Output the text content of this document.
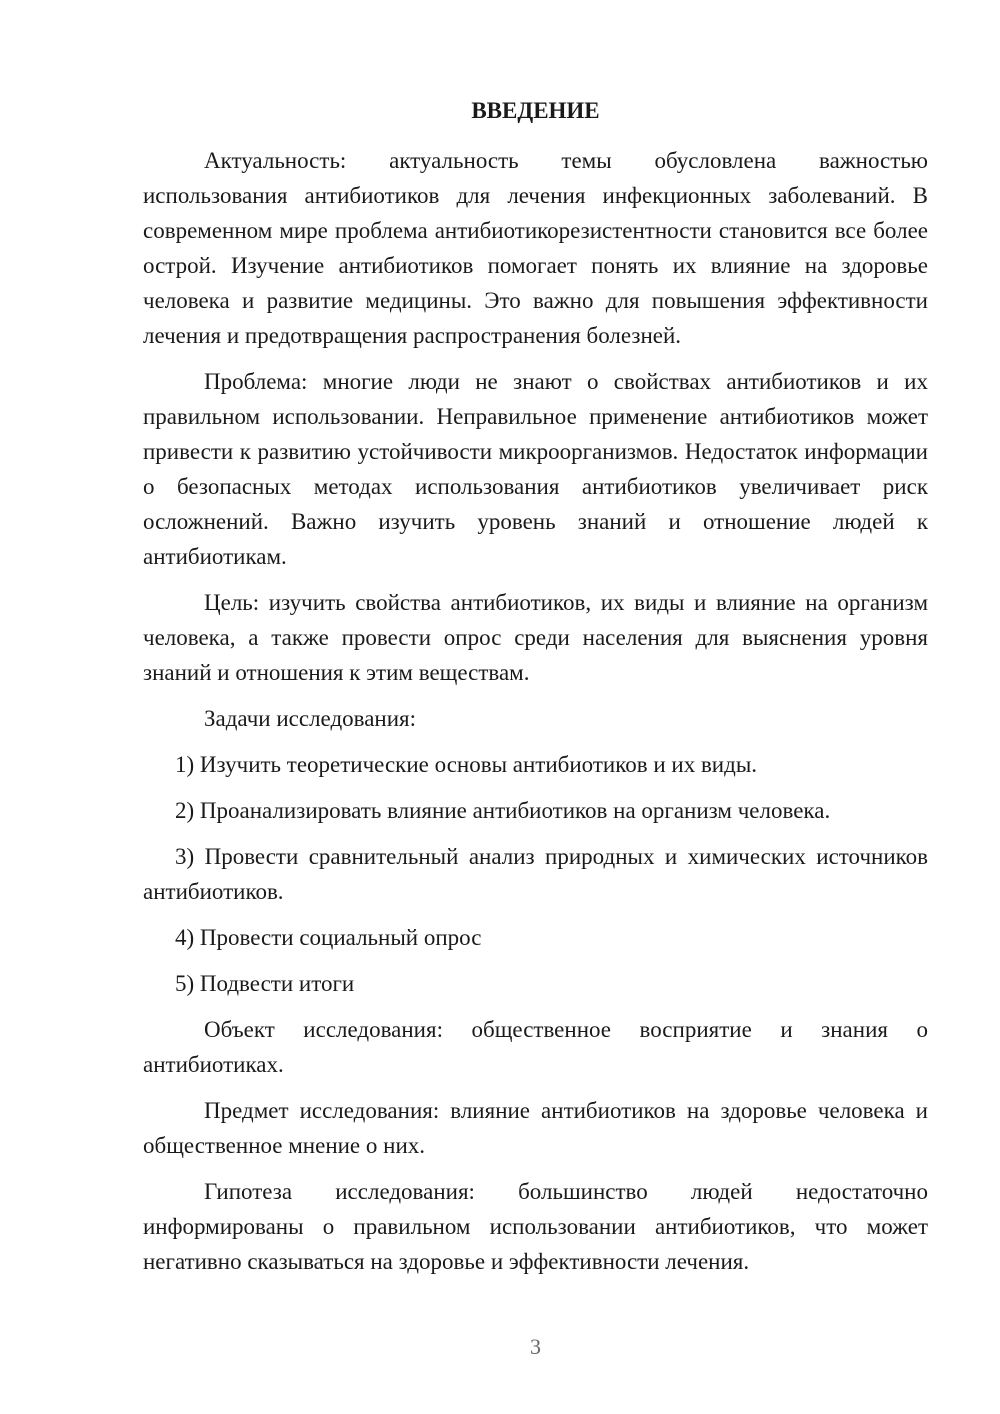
ВВЕДЕНИЕ

Актуальность: актуальность темы обусловлена важностью использования антибиотиков для лечения инфекционных заболеваний. В современном мире проблема антибиотикорезистентности становится все более острой. Изучение антибиотиков помогает понять их влияние на здоровье человека и развитие медицины. Это важно для повышения эффективности лечения и предотвращения распространения болезней.

Проблема: многие люди не знают о свойствах антибиотиков и их правильном использовании. Неправильное применение антибиотиков может привести к развитию устойчивости микроорганизмов. Недостаток информации о безопасных методах использования антибиотиков увеличивает риск осложнений. Важно изучить уровень знаний и отношение людей к антибиотикам.

Цель: изучить свойства антибиотиков, их виды и влияние на организм человека, а также провести опрос среди населения для выяснения уровня знаний и отношения к этим веществам.

Задачи исследования:

1) Изучить теоретические основы антибиотиков и их виды.

2) Проанализировать влияние антибиотиков на организм человека.

3) Провести сравнительный анализ природных и химических источников антибиотиков.

4) Провести социальный опрос

5) Подвести итоги

Объект исследования: общественное восприятие и знания о антибиотиках.

Предмет исследования: влияние антибиотиков на здоровье человека и общественное мнение о них.

Гипотеза исследования: большинство людей недостаточно информированы о правильном использовании антибиотиков, что может негативно сказываться на здоровье и эффективности лечения.

3
